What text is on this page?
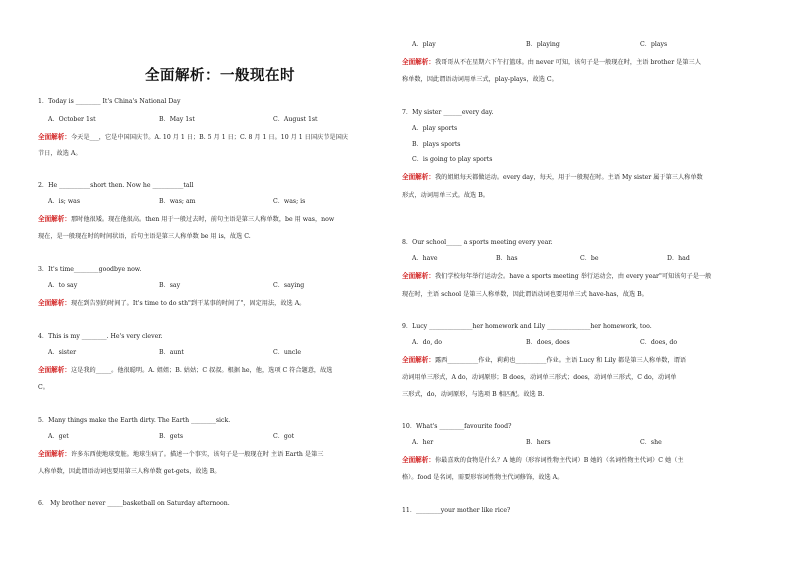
全面解析：一般现在时
1．Today is ________ It's China's National Day
A．October 1st	B．May 1st	C．August 1st
全面解析：今天是___，它是中国国庆节。A. 10 月 1 日；B. 5 月 1 日；C. 8 月 1 日。10 月 1 日国庆节是国庆
节日，故选 A。
2．He __________short then. Now he __________tall
A．is; was	B．was; am	C．was; is
全面解析：那时他很矮。现在他很高。then 用于一般过去时，前句主语是第三人称单数，be 用 was，now
现在，是一般现在时的时间状语，后句主语是第三人称单数 be 用 is，故选 C.
3．It's time________goodbye now.
A．to say	B．say	C．saying
全面解析：现在到告别的时间了。It's time to do sth"到干某事的时间了"，固定用法，故选 A。
4．This is my ________. He's very clever.
A．sister	B．aunt	C．uncle
全面解析：这是我的_____。他很聪明。A. 姐姐；B. 姑姑；C 叔叔。根据 he，他，选项 C 符合题意，故选
C。
5．Many things make the Earth dirty. The Earth ________sick.
A．get	B．gets	C．got
全面解析：许多东西使地球变脏。地球生病了。描述一个事实，该句子是一般现在时 主语 Earth 是第三
人称单数，因此谓语动词也要用第三人称单数 get-gets，故选 B。
6． My brother never _____basketball on Saturday afternoon.
A．play	B．playing	C．plays
全面解析：我哥哥从不在星期六下午打篮球。由 never 可知，该句子是一般现在时，主语 brother 是第三人
称单数，因此谓语动词用单三式，play-plays，故选 C。
7．My sister ______every day.
A．play sports
B．plays sports
C．is going to play sports
全面解析：我的姐姐每天都做运动。every day，每天，用于一般现在时。主语 My sister 属于第三人称单数
形式，动词用单三式。故选 B。
8．Our school_____ a sports meeting every year.
A．have	B．has	C．be	D．had
全面解析：我们学校每年举行运动会。have a sports meeting 举行运动会，由 every year"可知该句子是一般
现在时，主语 school 是第三人称单数，因此谓语动词也要用单三式 have-has，故选 B。
9．Lucy ______________her homework and Lily ______________her homework, too.
A．do, do	B．does, does	C．does, do
全面解析：露西__________作业，莉莉也__________作业。主语 Lucy 和 Lily 都是第三人称单数，谓语
动词用单三形式，A do，动词原形；B does，动词单三形式；does，动词单三形式，C do，动词单
三形式，do，动词原形，与选项 B 相匹配。故选 B.
10．What's ________favourite food?
A．her	B．hers	C．she
全面解析：你最喜欢的食物是什么？A 她的（形容词性物主代词）B 她的（名词性物主代词）C 她（主
格）。food 是名词，需要形容词性物主代词修饰，故选 A。
11．________your mother like rice?
